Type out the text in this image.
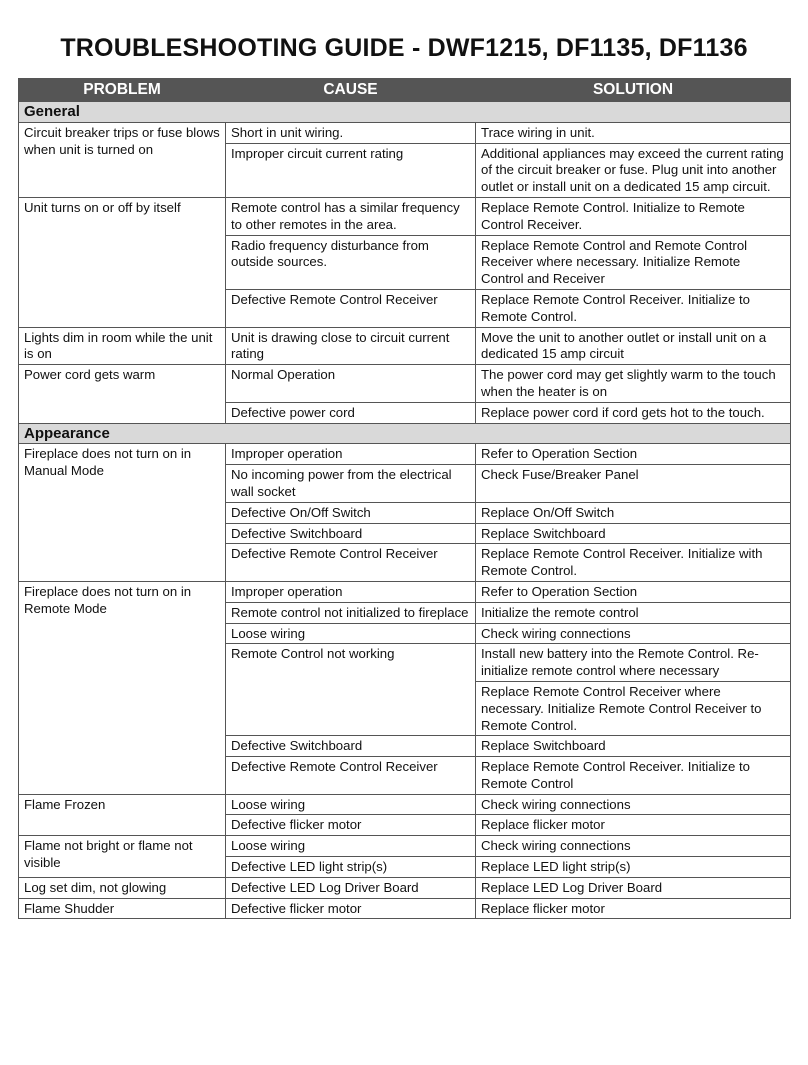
TROUBLESHOOTING GUIDE - DWF1215, DF1135, DF1136
PROBLEM	CAUSE	SOLUTION
General		
Circuit breaker trips or fuse blows when unit is turned on	Short in unit wiring.	Trace wiring in unit.
	Improper circuit current rating	Additional appliances may exceed the current rating of the circuit breaker or fuse. Plug unit into another outlet or install unit on a dedicated 15 amp circuit.
Unit turns on or off by itself	Remote control has a similar frequency to other remotes in the area.	Replace Remote Control. Initialize to Remote Control Receiver.
	Radio frequency disturbance from outside sources.	Replace Remote Control and Remote Control Receiver where necessary. Initialize Remote Control and Receiver
	Defective Remote Control Receiver	Replace Remote Control Receiver. Initialize to Remote Control.
Lights dim in room while the unit is on	Unit is drawing close to circuit current rating	Move the unit to another outlet or install unit on a dedicated 15 amp circuit
Power cord gets warm	Normal Operation	The power cord may get slightly warm to the touch when the heater is on
	Defective power cord	Replace power cord if cord gets hot to the touch.
Appearance		
Fireplace does not turn on in Manual Mode	Improper operation	Refer to Operation Section
	No incoming power from the electrical wall socket	Check Fuse/Breaker Panel
	Defective On/Off Switch	Replace On/Off Switch
	Defective Switchboard	Replace Switchboard
	Defective Remote Control Receiver	Replace Remote Control Receiver. Initialize with Remote Control.
Fireplace does not turn on in Remote Mode	Improper operation	Refer to Operation Section
	Remote control not initialized to fireplace	Initialize the remote control
	Loose wiring	Check wiring connections
	Remote Control not working	Install new battery into the Remote Control. Re-initialize remote control where necessary
		Replace Remote Control Receiver where necessary. Initialize Remote Control Receiver to Remote Control.
	Defective Switchboard	Replace Switchboard
	Defective Remote Control Receiver	Replace Remote Control Receiver. Initialize to Remote Control
Flame Frozen	Loose wiring	Check wiring connections
	Defective flicker motor	Replace flicker motor
Flame not bright or flame not visible	Loose wiring	Check wiring connections
	Defective LED light strip(s)	Replace LED light strip(s)
Log set dim, not glowing	Defective LED Log Driver Board	Replace LED Log Driver Board
Flame Shudder	Defective flicker motor	Replace flicker motor
